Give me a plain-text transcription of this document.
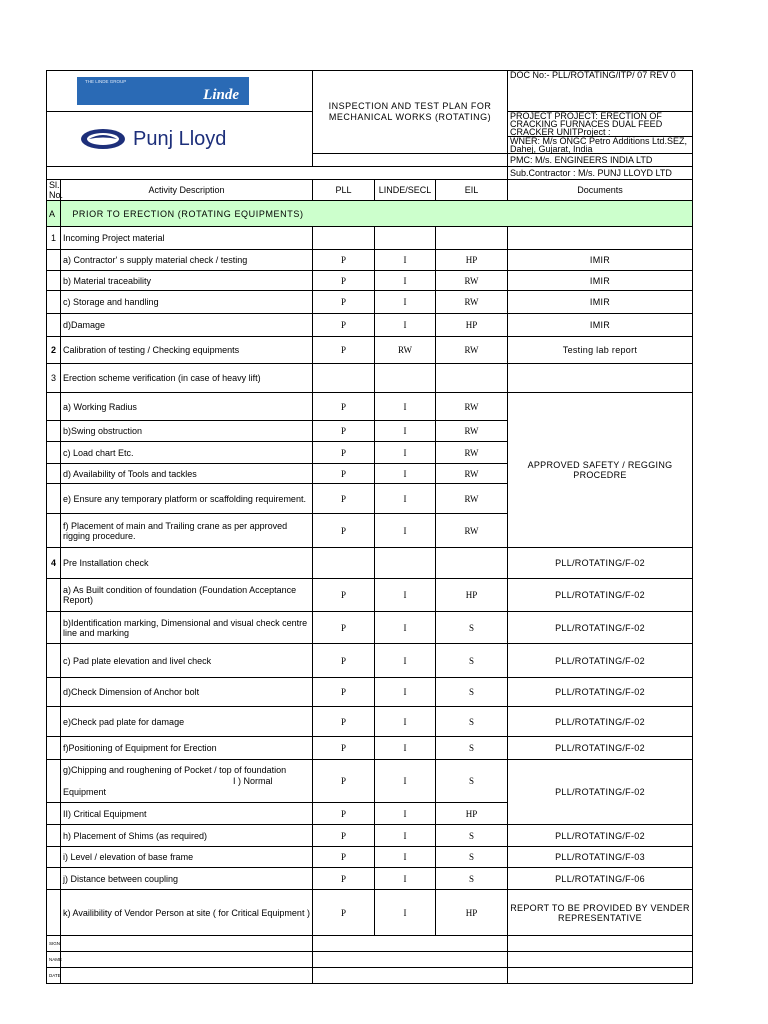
THE LINDE GROUP
Linde		INSPECTION AND TEST PLAN FOR MECHANICAL WORKS (ROTATING)			DOC No:- PLL/ROTATING/ITP/ 07 REV 0

Punj Lloyd					PROJECT PROJECT: ERECTION OF CRACKING FURNACES DUAL FEED CRACKER UNITProject :
					WNER: M/s ONGC Petro Additions Ltd.SEZ, Dahej, Gujarat, India
					PMC: M/s. ENGINEERS INDIA LTD
					Sub.Contractor : M/s. PUNJ LLOYD LTD
Sl. No.	Activity Description	PLL	LINDE/SECL	EIL	Documents
A	PRIOR TO ERECTION (ROTATING EQUIPMENTS)				
1	Incoming Project material				
	a) Contractor' s supply material check / testing	P	I	HP	IMIR
	b) Material traceability	P	I	RW	IMIR
	c) Storage and handling	P	I	RW	IMIR
	d)Damage	P	I	HP	IMIR
2	Calibration of testing / Checking equipments	P	RW	RW	Testing lab report
3	Erection scheme verification (in case of heavy lift)				
	a) Working Radius	P	I	RW	APPROVED SAFETY / REGGING PROCEDRE
	b)Swing obstruction	P	I	RW	
	c) Load chart Etc.	P	I	RW	
	d) Availability of Tools and tackles	P	I	RW	
	e) Ensure any temporary platform or scaffolding requirement.	P	I	RW	
	f) Placement of main and Trailing crane as per approved rigging procedure.	P	I	RW	
4	Pre Installation check				PLL/ROTATING/F-02
	a) As Built condition of foundation (Foundation Acceptance Report)	P	I	HP	PLL/ROTATING/F-02
	b)Identification marking, Dimensional and visual check centre line and marking	P	I	S	PLL/ROTATING/F-02
	c) Pad plate elevation and livel check	P	I	S	PLL/ROTATING/F-02
	d)Check Dimension of Anchor bolt	P	I	S	PLL/ROTATING/F-02
	e)Check pad plate for damage	P	I	S	PLL/ROTATING/F-02
	f)Positioning of Equipment for Erection	P	I	S	PLL/ROTATING/F-02

	g)Chipping and roughening of Pocket / top of foundation
I ) Normal
Equipment	P	I	S	PLL/ROTATING/F-02
	II) Critical Equipment	P	I	HP	
	h) Placement of Shims (as required)	P	I	S	PLL/ROTATING/F-02
	i) Level / elevation of base frame	P	I	S	PLL/ROTATING/F-03
	j) Distance between coupling	P	I	S	PLL/ROTATING/F-06
	k) Availibility of Vendor Person at site ( for Critical Equipment )	P	I	HP	REPORT TO BE PROVIDED BY VENDER REPRESENTATIVE
SIGN					
NAME					
DATE					
